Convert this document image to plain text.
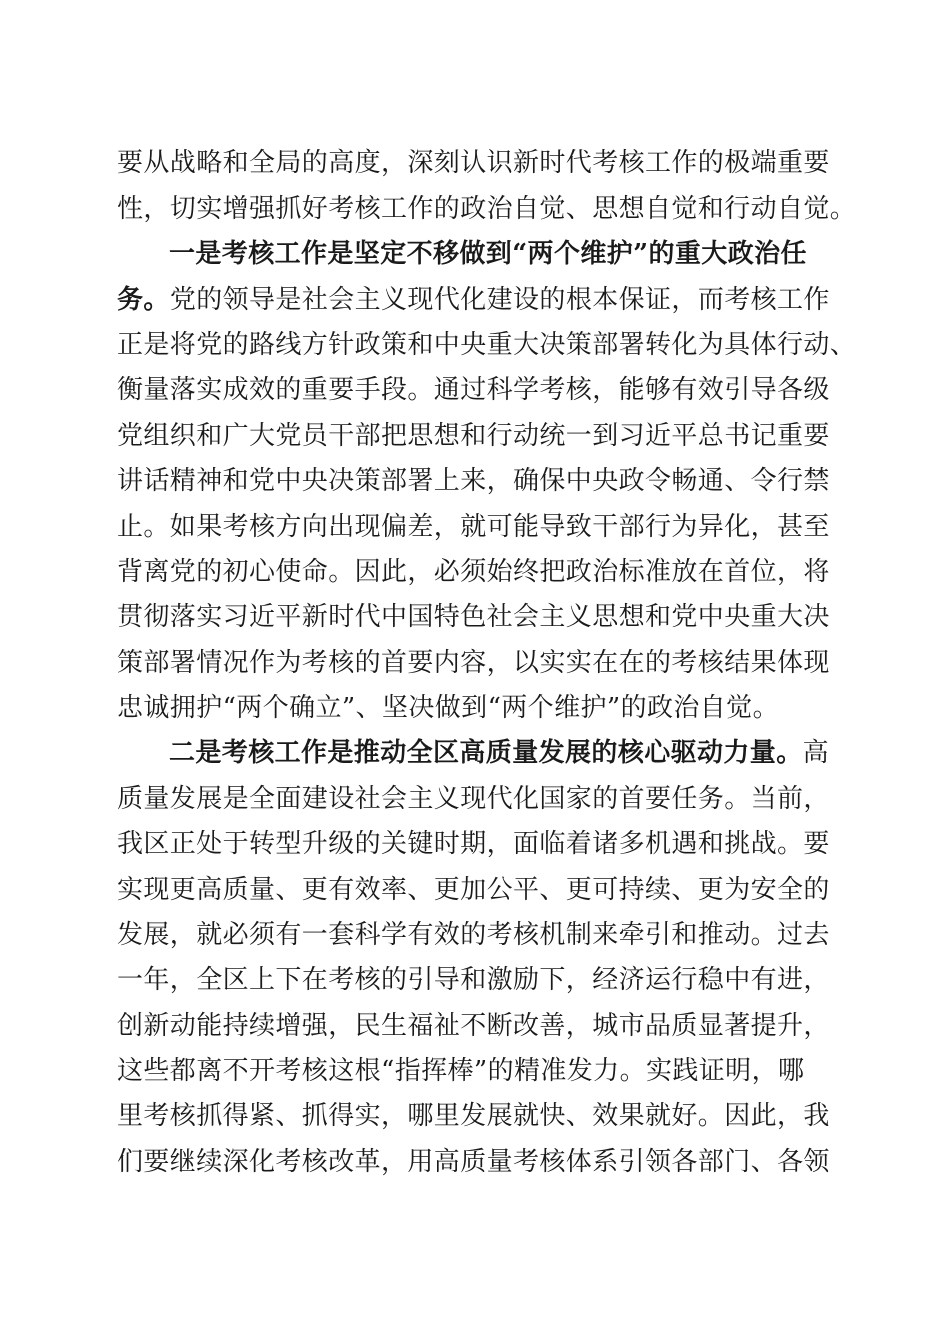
要从战略和全局的高度，深刻认识新时代考核工作的极端重要
性，切实增强抓好考核工作的政治自觉、思想自觉和行动自觉。
一是考核工作是坚定不移做到“两个维护”的重大政治任
务。党的领导是社会主义现代化建设的根本保证，而考核工作
正是将党的路线方针政策和中央重大决策部署转化为具体行动、
衡量落实成效的重要手段。通过科学考核，能够有效引导各级
党组织和广大党员干部把思想和行动统一到习近平总书记重要
讲话精神和党中央决策部署上来，确保中央政令畅通、令行禁
止。如果考核方向出现偏差，就可能导致干部行为异化，甚至
背离党的初心使命。因此，必须始终把政治标准放在首位，将
贯彻落实习近平新时代中国特色社会主义思想和党中央重大决
策部署情况作为考核的首要内容，以实实在在的考核结果体现
忠诚拥护“两个确立”、坚决做到“两个维护”的政治自觉。
二是考核工作是推动全区高质量发展的核心驱动力量。高
质量发展是全面建设社会主义现代化国家的首要任务。当前，
我区正处于转型升级的关键时期，面临着诸多机遇和挑战。要
实现更高质量、更有效率、更加公平、更可持续、更为安全的
发展，就必须有一套科学有效的考核机制来牵引和推动。过去
一年，全区上下在考核的引导和激励下，经济运行稳中有进，
创新动能持续增强，民生福祉不断改善，城市品质显著提升，
这些都离不开考核这根“指挥棒”的精准发力。实践证明，哪
里考核抓得紧、抓得实，哪里发展就快、效果就好。因此，我
们要继续深化考核改革，用高质量考核体系引领各部门、各领
